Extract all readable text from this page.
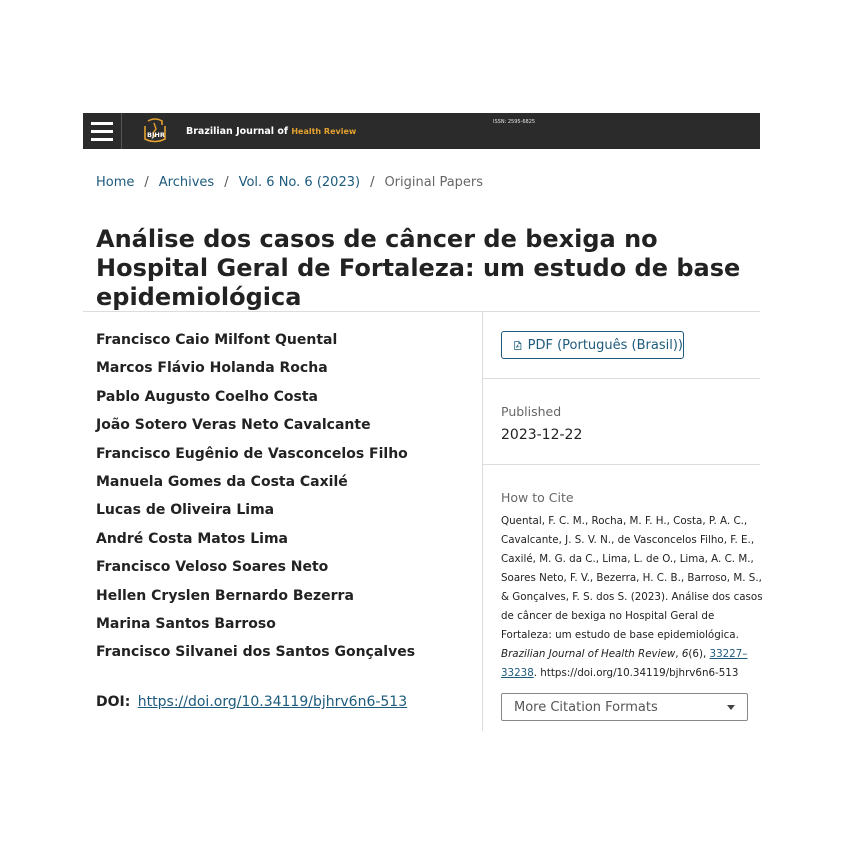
BJHR Brazilian Journal of Health Review
ISSN: 2595-6825
Home / Archives / Vol. 6 No. 6 (2023) / Original Papers
Análise dos casos de câncer de bexiga no Hospital Geral de Fortaleza: um estudo de base epidemiológica
Francisco Caio Milfont Quental
Marcos Flávio Holanda Rocha
Pablo Augusto Coelho Costa
João Sotero Veras Neto Cavalcante
Francisco Eugênio de Vasconcelos Filho
Manuela Gomes da Costa Caxilé
Lucas de Oliveira Lima
André Costa Matos Lima
Francisco Veloso Soares Neto
Hellen Cryslen Bernardo Bezerra
Marina Santos Barroso
Francisco Silvanei dos Santos Gonçalves
DOI: https://doi.org/10.34119/bjhrv6n6-513
PDF (Português (Brasil))
Published
2023-12-22
How to Cite
Quental, F. C. M., Rocha, M. F. H., Costa, P. A. C.,
Cavalcante, J. S. V. N., de Vasconcelos Filho, F. E.,
Caxilé, M. G. da C., Lima, L. de O., Lima, A. C. M.,
Soares Neto, F. V., Bezerra, H. C. B., Barroso, M. S.,
& Gonçalves, F. S. dos S. (2023). Análise dos casos
de câncer de bexiga no Hospital Geral de
Fortaleza: um estudo de base epidemiológica.
Brazilian Journal of Health Review, 6(6), 33227–
33238. https://doi.org/10.34119/bjhrv6n6-513
More Citation Formats
